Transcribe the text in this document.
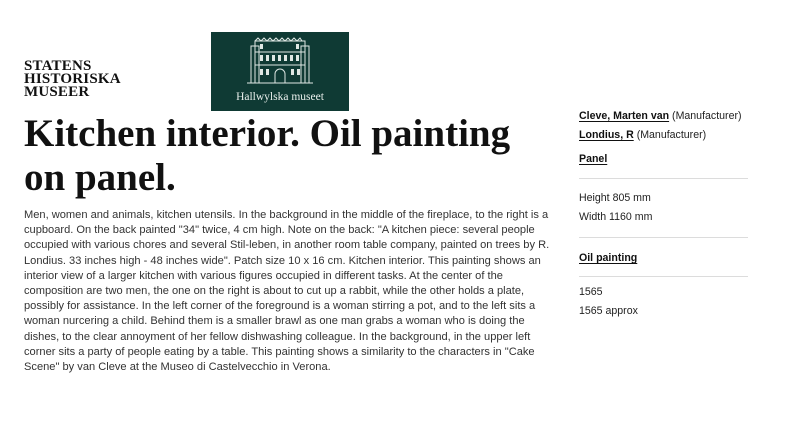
STATENS
HISTORISKA
MUSEER	Hallwylska museet
Kitchen interior. Oil painting on panel.

Men, women and animals, kitchen utensils. In the background in the middle of the fireplace, to the right is a cupboard. On the back painted "34" twice, 4 cm high. Note on the back: "A kitchen piece: several people occupied with various chores and several Stil-leben, in another room table company, painted on trees by R. Londius. 33 inches high - 48 inches wide". Patch size 10 x 16 cm. Kitchen interior. This painting shows an interior view of a larger kitchen with various figures occupied in different tasks. At the center of the composition are two men, the one on the right is about to cut up a rabbit, while the other holds a plate, possibly for assistance. In the left corner of the foreground is a woman stirring a pot, and to the left sits a woman nurcering a child. Behind them is a smaller brawl as one man grabs a woman who is doing the dishes, to the clear annoyment of her fellow dishwashing colleague. In the background, in the upper left corner sits a party of people eating by a table. This painting shows a similarity to the characters in "Cake Scene" by van Cleve at the Museo di Castelvecchio in Verona.

Cleve, Marten van (Manufacturer)
Londius, R (Manufacturer)
Panel
Height 805 mm
Width 1160 mm
Oil painting
1565
1565 approx
